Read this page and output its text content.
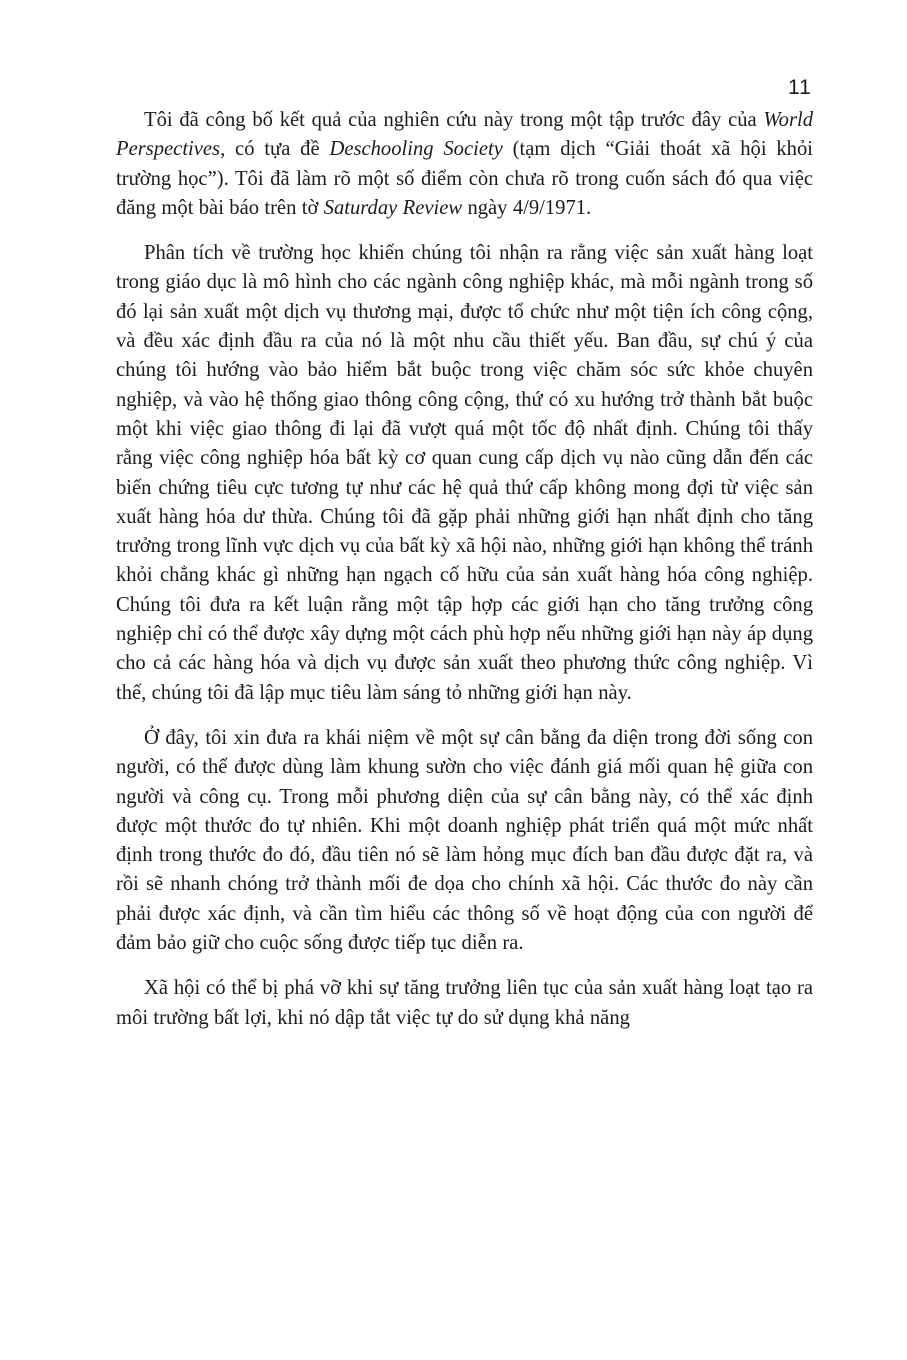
11

Tôi đã công bố kết quả của nghiên cứu này trong một tập trước đây của World Perspectives, có tựa đề Deschooling Society (tạm dịch “Giải thoát xã hội khỏi trường học”). Tôi đã làm rõ một số điểm còn chưa rõ trong cuốn sách đó qua việc đăng một bài báo trên tờ Saturday Review ngày 4/9/1971.

Phân tích về trường học khiến chúng tôi nhận ra rằng việc sản xuất hàng loạt trong giáo dục là mô hình cho các ngành công nghiệp khác, mà mỗi ngành trong số đó lại sản xuất một dịch vụ thương mại, được tổ chức như một tiện ích công cộng, và đều xác định đầu ra của nó là một nhu cầu thiết yếu. Ban đầu, sự chú ý của chúng tôi hướng vào bảo hiểm bắt buộc trong việc chăm sóc sức khỏe chuyên nghiệp, và vào hệ thống giao thông công cộng, thứ có xu hướng trở thành bắt buộc một khi việc giao thông đi lại đã vượt quá một tốc độ nhất định. Chúng tôi thấy rằng việc công nghiệp hóa bất kỳ cơ quan cung cấp dịch vụ nào cũng dẫn đến các biến chứng tiêu cực tương tự như các hệ quả thứ cấp không mong đợi từ việc sản xuất hàng hóa dư thừa. Chúng tôi đã gặp phải những giới hạn nhất định cho tăng trưởng trong lĩnh vực dịch vụ của bất kỳ xã hội nào, những giới hạn không thể tránh khỏi chẳng khác gì những hạn ngạch cố hữu của sản xuất hàng hóa công nghiệp. Chúng tôi đưa ra kết luận rằng một tập hợp các giới hạn cho tăng trưởng công nghiệp chỉ có thể được xây dựng một cách phù hợp nếu những giới hạn này áp dụng cho cả các hàng hóa và dịch vụ được sản xuất theo phương thức công nghiệp. Vì thế, chúng tôi đã lập mục tiêu làm sáng tỏ những giới hạn này.

Ở đây, tôi xin đưa ra khái niệm về một sự cân bằng đa diện trong đời sống con người, có thể được dùng làm khung sườn cho việc đánh giá mối quan hệ giữa con người và công cụ. Trong mỗi phương diện của sự cân bằng này, có thể xác định được một thước đo tự nhiên. Khi một doanh nghiệp phát triển quá một mức nhất định trong thước đo đó, đầu tiên nó sẽ làm hỏng mục đích ban đầu được đặt ra, và rồi sẽ nhanh chóng trở thành mối đe dọa cho chính xã hội. Các thước đo này cần phải được xác định, và cần tìm hiểu các thông số về hoạt động của con người để đảm bảo giữ cho cuộc sống được tiếp tục diễn ra.

Xã hội có thể bị phá vỡ khi sự tăng trưởng liên tục của sản xuất hàng loạt tạo ra môi trường bất lợi, khi nó dập tắt việc tự do sử dụng khả năng
